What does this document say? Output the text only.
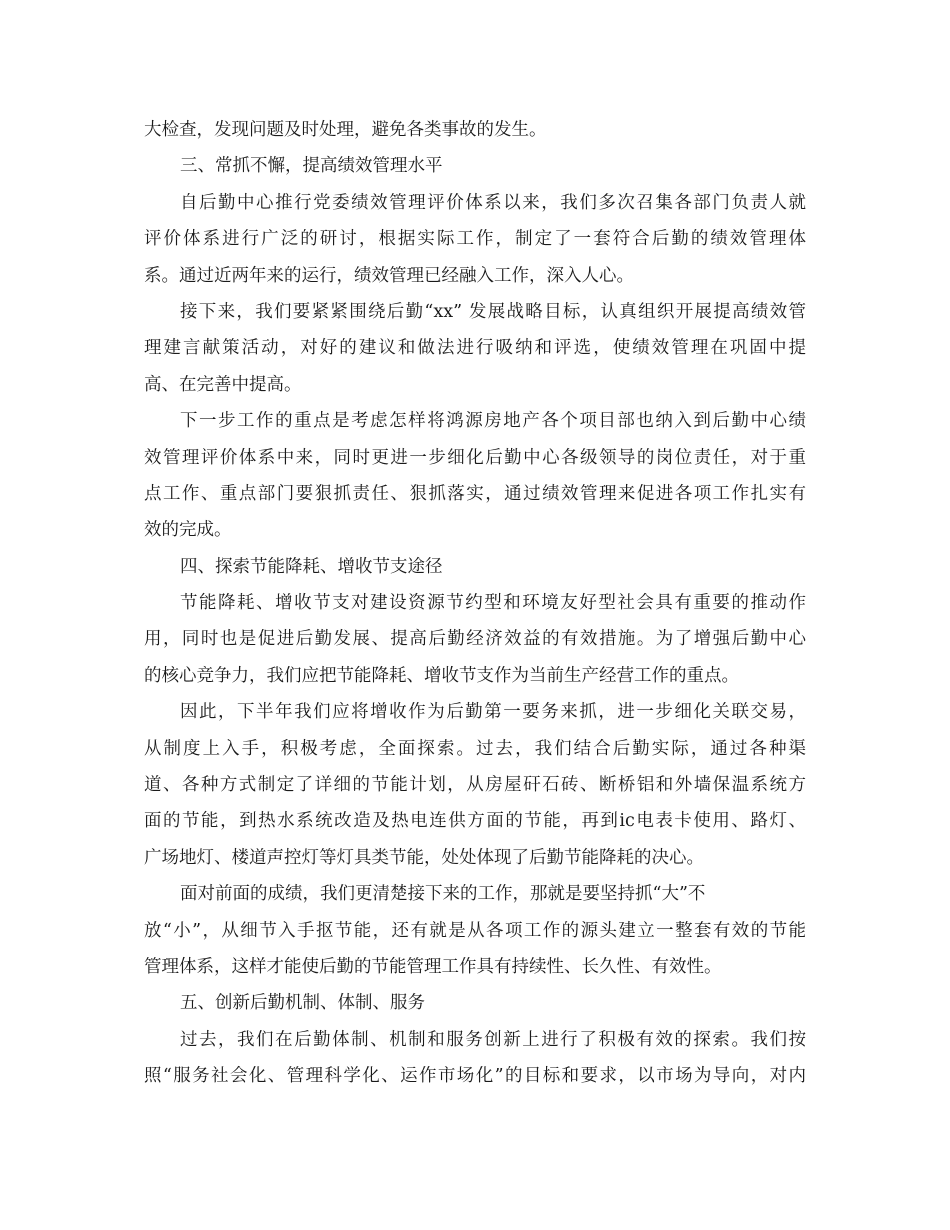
大检查，发现问题及时处理，避免各类事故的发生。
三、常抓不懈，提高绩效管理水平
自后勤中心推行党委绩效管理评价体系以来，我们多次召集各部门负责人就
评价体系进行广泛的研讨，根据实际工作，制定了一套符合后勤的绩效管理体
系。通过近两年来的运行，绩效管理已经融入工作，深入人心。
接下来，我们要紧紧围绕后勤“xx” 发展战略目标，认真组织开展提高绩效管
理建言献策活动，对好的建议和做法进行吸纳和评选，使绩效管理在巩固中提
高、在完善中提高。
下一步工作的重点是考虑怎样将鸿源房地产各个项目部也纳入到后勤中心绩
效管理评价体系中来，同时更进一步细化后勤中心各级领导的岗位责任，对于重
点工作、重点部门要狠抓责任、狠抓落实，通过绩效管理来促进各项工作扎实有
效的完成。
四、探索节能降耗、增收节支途径
节能降耗、增收节支对建设资源节约型和环境友好型社会具有重要的推动作
用，同时也是促进后勤发展、提高后勤经济效益的有效措施。为了增强后勤中心
的核心竞争力，我们应把节能降耗、增收节支作为当前生产经营工作的重点。
因此，下半年我们应将增收作为后勤第一要务来抓，进一步细化关联交易，
从制度上入手，积极考虑，全面探索。过去，我们结合后勤实际，通过各种渠
道、各种方式制定了详细的节能计划，从房屋矸石砖、断桥铝和外墙保温系统方
面的节能，到热水系统改造及热电连供方面的节能，再到ic电表卡使用、路灯、
广场地灯、楼道声控灯等灯具类节能，处处体现了后勤节能降耗的决心。
面对前面的成绩，我们更清楚接下来的工作，那就是要坚持抓“大”不
放“小”，从细节入手抠节能，还有就是从各项工作的源头建立一整套有效的节能
管理体系，这样才能使后勤的节能管理工作具有持续性、长久性、有效性。
五、创新后勤机制、体制、服务
过去，我们在后勤体制、机制和服务创新上进行了积极有效的探索。我们按
照“服务社会化、管理科学化、运作市场化”的目标和要求，以市场为导向，对内
